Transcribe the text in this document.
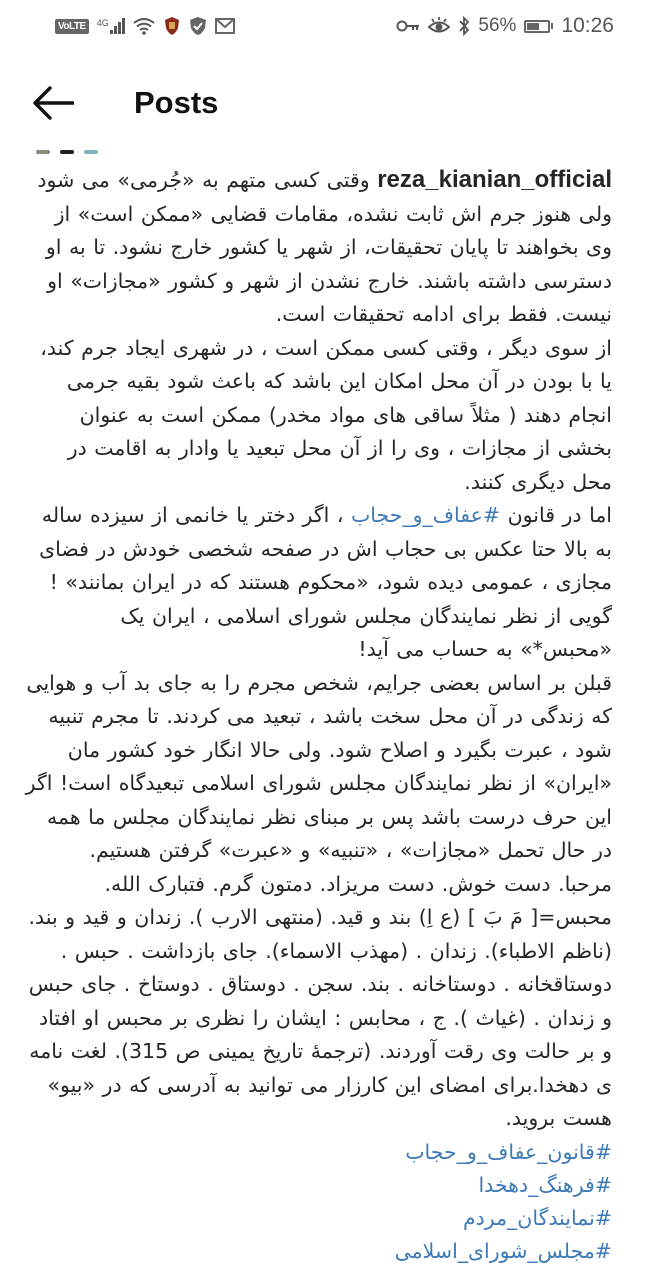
VoLTE	4G	56% 10:26
Posts

reza_kianian_official وقتی کسی متهم به «جُرمی» می شود ولی هنوز جرم اش ثابت نشده، مقامات قضایی «ممکن است» از وی بخواهند تا پایان تحقیقات، از شهر یا کشور خارج نشود. تا به او دسترسی داشته باشند. خارج نشدن از شهر و کشور «مجازات» او نیست. فقط برای ادامه تحقیقات است.

از سوی دیگر ، وقتی کسی ممکن است ، در شهری ایجاد جرم کند، یا با بودن در آن محل امکان این باشد که باعث شود بقیه جرمی انجام دهند ( مثلاً ساقی های مواد مخدر) ممکن است به عنوان بخشی از مجازات ، وی را از آن محل تبعید یا وادار به اقامت در محل دیگری کنند.

اما در قانون #عفاف_و_حجاب ، اگر دختر یا خانمی از سیزده ساله به بالا حتا عکس بی حجاب اش در صفحه شخصی خودش در فضای مجازی ، عمومی دیده شود، «محکوم هستند که در ایران بمانند» ! گویی از نظر نمایندگان مجلس شورای اسلامی ، ایران یک «محبس*» به حساب می آید!

قبلن بر اساس بعضی جرایم، شخص مجرم را به جای بد آب و هوایی که زندگی در آن محل سخت باشد ، تبعید می کردند. تا مجرم تنبیه شود ، عبرت بگیرد و اصلاح شود. ولی حالا انگار خود کشور مان «ایران» از نظر نمایندگان مجلس شورای اسلامی تبعیدگاه است! اگر این حرف درست باشد پس بر مبنای نظر نمایندگان مجلس ما همه در حال تحمل «مجازات» ، «تنبیه» و «عبرت» گرفتن هستیم.

مرحبا. دست خوش. دست مریزاد. دمتون گرم. فتبارک الله.

محبس=[ مَ بَ ] (ع اِ) بند و قید. (منتهی الارب ). زندان و قید و بند. (ناظم الاطباء). زندان . (مهذب الاسماء). جای بازداشت . حبس . دوستاقخانه . دوستاخانه . بند. سجن . دوستاق . دوستاخ . جای حبس و زندان . (غیاث ). ج ، محابس : ایشان را نظری بر محبس او افتاد و بر حالت وی رقت آوردند. (ترجمهٔ تاریخ یمینی ص 315). لغت نامه ی دهخدا.برای امضای این کارزار می توانید به آدرسی که در «بیو» هست بروید.

#قانون_عفاف_و_حجاب
#فرهنگ_دهخدا
#نمایندگان_مردم
#مجلس_شورای_اسلامی
